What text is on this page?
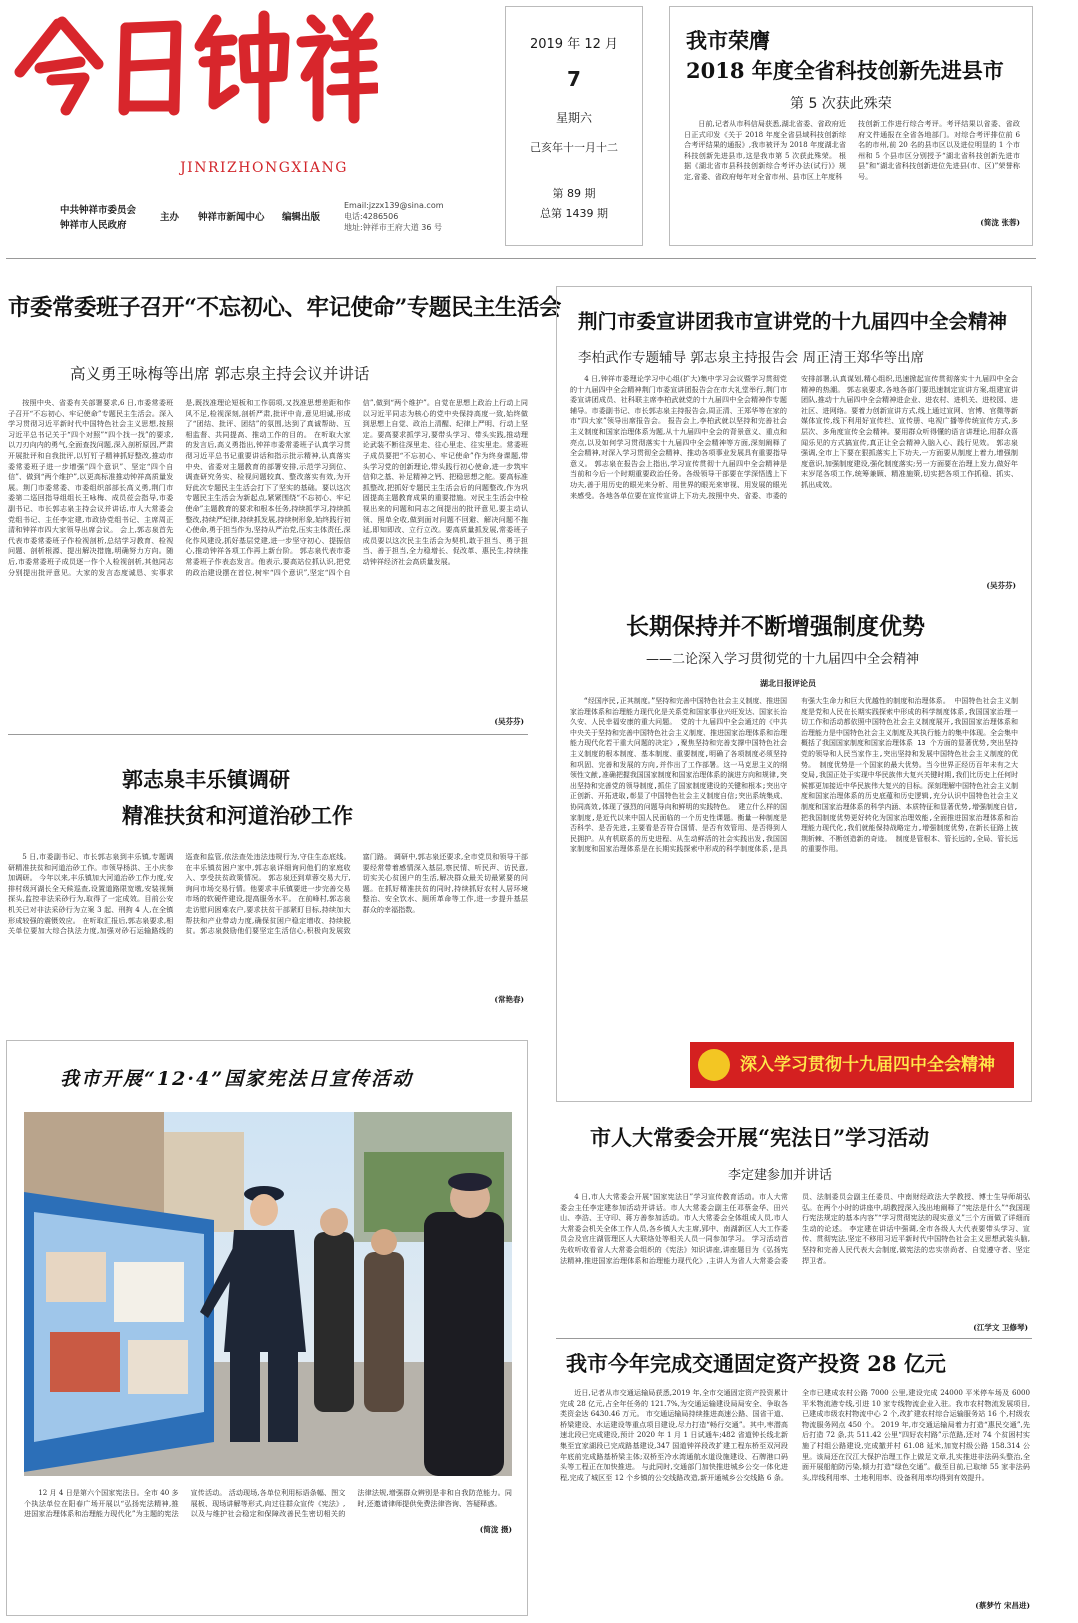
JINRIZHONGXIANG
中共钟祥市委员会
钟祥市人民政府
主办 钟祥市新闻中心 编辑出版
Email:jzzx139@sina.com
电话:4286506
地址:钟祥市王府大道 36 号
2019 年 12 月
7
星期六
己亥年十一月十二
第 89 期
总第 1439 期
我市荣膺
2018 年度全省科技创新先进县市
第 5 次获此殊荣
日前,记者从市科信局获悉,湖北省委、省政府近日正式印发《关于 2018 年度全省县域科技创新综合考评结果的通报》,我市被评为 2018 年度湖北省科技创新先进县市,这是我市第 5 次获此殊荣。 根据《湖北省市县科技创新综合考评办法(试行)》规定,省委、省政府每年对全省市州、县市区上年度科
技创新工作进行综合考评。考评结果以省委、省政府文件通报在全省各地部门。对综合考评排位前 6 名的市州,前 20 名的县市区以及进位明显的 1 个市州和 5 个县市区分别授予“湖北省科技创新先进市县”和“湖北省科技创新进位先进县(市、区)”荣誉称号。
(简泷 张蓉)
市委常委班子召开“不忘初心、牢记使命”专题民主生活会
高义勇王咏梅等出席 郭志泉主持会议并讲话

按照中央、省委有关部署要求,6 日,市委常委班子召开“不忘初心、牢记使命”专题民主生活会。深入学习贯彻习近平新时代中国特色社会主义思想,按照习近平总书记关于“四个对照”“四个找一找”的要求,以刀刃向内的勇气,全面查找问题,深入剖析原因,严肃开展批评和自我批评,以钉钉子精神抓好整改,推动市委常委班子进一步增强“四个意识”、坚定“四个自信”、做到“两个维护”,以更高标准推动钟祥高质量发展。荆门市委常委、市委组织部部长高义勇,荆门市委第二巡回指导组组长王咏梅、成员莅会指导,市委副书记、市长郭志泉主持会议并讲话,市人大常委会党组书记、主任李定建,市政协党组书记、主席周正清和钟祥市四大家领导出席会议。 会上,郭志泉首先代表市委常委班子作检视剖析,总结学习教育、检视问题、剖析根源、提出解决措施,明确努力方向。随后,市委常委班子成员逐一作个人检视剖析,其他同志分别提出批评意见。大家的发言态度诚恳、实事求是,既找准理论短板和工作弱项,又找准思想差距和作风不足,检视深刻,剖析严肃,批评中肯,意见坦诚,形成了“团结、批评、团结”的氛围,达到了真诚帮助、互相监督、共同提高、推动工作的目的。 在听取大家的发言后,高义勇指出,钟祥市委常委班子认真学习贯彻习近平总书记重要讲话和指示批示精神,认真落实中央、省委对主题教育的部署安排,示范学习到位、调查研究务实、检视问题较真、整改落实有效,为开好此次专题民主生活会打下了坚实的基础。要以这次专题民主生活会为新起点,紧紧围绕“不忘初心、牢记使命”主题教育的要求和根本任务,持续抓学习,持续抓整改,持续严纪律,持续抓发展,持续树形象,始终践行初心使命,勇于担当作为,坚持从严治党,压实主体责任,深化作风建设,抓好基层党建,进一步坚守初心、提振信心,推动钟祥各项工作再上新台阶。 郭志泉代表市委常委班子作表态发言。他表示,要高站位抓认识,把党的政治建设摆在首位,树牢“四个意识”,坚定“四个自信”,做到“两个维护”。自觉在思想上政治上行动上同以习近平同志为核心的党中央保持高度一致,始终做到思想上自觉、政治上清醒、纪律上严明、行动上坚定。要高要求抓学习,要带头学习、带头实践,推动理论武装不断往深里走、往心里走、往实里走。常委班子成员要把“不忘初心、牢记使命”作为终身课题,带头学习党的创新理论,带头践行初心使命,进一步筑牢信仰之基、补足精神之钙、把稳思想之舵。要高标准抓整改,把抓好专题民主生活会后的问题整改,作为巩固提高主题教育成果的重要措施。对民主生活会中检视出来的问题和同志之间提出的批评意见,要主动认领、照单全收,做到面对问题不回避、解决问题不拖延,即知即改、立行立改。要高质量抓发展,常委班子成员要以这次民主生活会为契机,敢于担当、勇于担当、善于担当,全力稳增长、促改革、惠民生,持续推动钟祥经济社会高质量发展。

(吴芬芬)
郭志泉丰乐镇调研
精准扶贫和河道治砂工作

5 日,市委副书记、市长郭志泉到丰乐镇,专题调研精准扶贫和河道治砂工作。市领导杨洪、王小庆参加调研。 今年以来,丰乐镇加大河道治砂工作力度,安排村级河湖长全天候巡查,设置道路限宽墩,安装视频探头,监控非法采砂行为,取得了一定成效。目前公安机关已对非法采砂行为立案 3 起、刑拘 4 人,在全镇形成较强的震慑效应。 在听取汇报后,郭志泉要求,相关单位要加大综合执法力度,加强对砂石运输路线的巡查和监管,依法查处违法违规行为,守住生态底线。 在丰乐镇贫困户家中,郭志泉详细询问他们的家庭收入、享受扶贫政策情况。 郭志泉还到草蓉交易大厅,询问市场交易行情。他要求丰乐镇要进一步完善交易市场的软硬件建设,提高服务水平。 在前峰村,郭志泉走访慰问困难农户,要求扶贫干部紧盯目标,持续加大帮扶和产业带动力度,确保贫困户稳定增收、持续脱贫。郭志泉鼓励他们要坚定生活信心,积极向发展致富门路。 调研中,郭志泉还要求,全市党员和领导干部要经常带着感情深入基层,察民情、听民声、访民意,切实关心贫困户的生活,解决群众最关切最紧要的问题。在抓好精准扶贫的同时,持续抓好农村人居环境整治、安全饮水、厕所革命等工作,进一步提升基层群众的幸福指数。

(常艳春)
我市开展“12·4”国家宪法日宣传活动

12 月 4 日是第六个国家宪法日。全市 40 多个执法单位在阳春广场开展以“弘扬宪法精神,推进国家治理体系和治理能力现代化”为主题的宪法宣传活动。 活动现场,各单位利用标语条幅、图文展板、现场讲解等形式,向过往群众宣传《宪法》,以及与维护社会稳定和保障改善民生密切相关的法律法规,增强群众辨别是非和自我防范能力。同时,还邀请律师提供免费法律咨询、答疑释惑。

(简泷 摄)
荆门市委宣讲团我市宣讲党的十九届四中全会精神
李柏武作专题辅导 郭志泉主持报告会 周正清王郑华等出席

4 日,钟祥市委理论学习中心组(扩大)集中学习会议暨学习贯彻党的十九届四中全会精神荆门市委宣讲团报告会在市大礼堂举行,荆门市委宣讲团成员、社科联主席李柏武就党的十九届四中全会精神作专题辅导。市委副书记、市长郭志泉主持报告会,周正清、王郑华等在家的市“四大家”领导出席报告会。 报告会上,李柏武就以坚持和完善社会主义制度和国家治理体系为题,从十九届四中全会的背景意义、重点和亮点,以及如何学习贯彻落实十九届四中全会精神等方面,深刻阐释了全会精神,对深入学习贯彻全会精神、推动各项事业发展具有重要指导意义。 郭志泉在报告会上指出,学习宣传贯彻十九届四中全会精神是当前和今后一个时期重要政治任务。各级领导干部要在学深悟透上下功夫,善于用历史的眼光来分析、用世界的眼光来审视、用发展的眼光来感受。各地各单位要在宣传宣讲上下功夫,按照中央、省委、市委的安排部署,认真谋划,精心组织,迅速掀起宣传贯彻落实十九届四中全会精神的热潮。 郭志泉要求,各地各部门要迅速制定宣讲方案,组建宣讲团队,推动十九届四中全会精神进企业、进农村、进机关、进校园、进社区、进网络。要着力创新宣讲方式,线上通过宣网、官博、官微等新媒体宣传,线下利用好宣传栏、宣传册、电视广播等传统宣传方式,多层次、多角度宣传全会精神。要用群众听得懂的语言讲理论,用群众喜闻乐见的方式搞宣传,真正让全会精神入脑入心、践行见效。 郭志泉强调,全市上下要在狠抓落实上下功夫,一方面要从制度上着力,增强制度意识,加强制度建设,强化制度落实;另一方面要在治理上发力,做好年末岁尾各项工作,统筹兼顾、精准施策,切实把各项工作抓稳、抓实、抓出成效。

(吴芬芬)
长期保持并不断增强制度优势
——二论深入学习贯彻党的十九届四中全会精神
湖北日报评论员

“经国序民,正其制度。”坚持和完善中国特色社会主义制度、推进国家治理体系和治理能力现代化是关系党和国家事业兴旺发达、国家长治久安、人民幸福安康的重大问题。 党的十九届四中全会通过的《中共中央关于坚持和完善中国特色社会主义制度、推进国家治理体系和治理能力现代化若干重大问题的决定》,聚焦坚持和完善支撑中国特色社会主义制度的根本制度、基本制度、重要制度,明确了各项制度必须坚持和巩固、完善和发展的方向,并作出了工作部署。这一马克思主义的纲领性文献,准确把握我国国家制度和国家治理体系的演进方向和规律,突出坚持和完善党的领导制度,抓住了国家制度建设的关键和根本;突出守正创新、开拓进取,彰显了中国特色社会主义制度自信;突出系统集成、协同高效,体现了强烈的问题导向和鲜明的实践特色。 建立什么样的国家制度,是近代以来中国人民面临的一个历史性课题。衡量一种制度是否科学、是否先进,主要看是否符合国情、是否有效管用、是否得到人民拥护。从有机联系的历史进程、从生动鲜活的社会实践出发,我国国家制度和国家治理体系是在长期实践探索中形成的科学制度体系,是具有强大生命力和巨大优越性的制度和治理体系。 中国特色社会主义制度是党和人民在长期实践探索中形成的科学制度体系,我国国家治理一切工作和活动都依照中国特色社会主义制度展开,我国国家治理体系和治理能力是中国特色社会主义制度及其执行能力的集中体现。全会集中概括了我国国家制度和国家治理体系 13 个方面的显著优势,突出坚持党的领导和人民当家作主,突出坚持和发展中国特色社会主义制度的优势。 制度优势是一个国家的最大优势。当今世界正经历百年未有之大变局,我国正处于实现中华民族伟大复兴关键时期,我们比历史上任何时候都更加接近中华民族伟大复兴的目标。深刻理解中国特色社会主义制度和国家治理体系的历史底蕴和历史逻辑,充分认识中国特色社会主义制度和国家治理体系的科学内涵、本质特征和显著优势,增强制度自信,把我国制度优势更好转化为国家治理效能,全面推进国家治理体系和治理能力现代化,我们就能保持战略定力,增强制度优势,在新长征路上披荆斩棘、不断创造新的奇迹。 制度是管根本、管长远的,全局、管长远的重要作用。

深入学习贯彻十九届四中全会精神
市人大常委会开展“宪法日”学习活动
李定建参加并讲话

4 日,市人大常委会开展“国家宪法日”学习宣传教育活动。市人大常委会主任李定建参加活动并讲话。市人大常委会副主任邓蔡金华、田兴山、李浩、王守印、蒋方善参加活动。市人大常委会全体组成人员,市人大常委会机关全体工作人员,各乡镇人大主席,郢中、南湖新区人大工作委员会及官庄湖管理区人大联络处等相关人员一同参加学习。 学习活动首先收听收看省人大常委会组织的《宪法》知识讲座,讲座题目为《弘扬宪法精神,推进国家治理体系和治理能力现代化》,主讲人为省人大常委会委员、法制委员会副主任委员、中南财经政法大学教授、博士生导师胡弘弘。在两个小时的讲座中,胡教授深入浅出地阐释了“宪法是什么”“我国现行宪法规定的基本内容”“学习贯彻宪法的现实意义”三个方面做了详细而生动的论述。 李定建在讲话中强调,全市各级人大代表要带头学习、宣传、贯彻宪法,坚定不移用习近平新时代中国特色社会主义思想武装头脑,坚持和完善人民代表大会制度,做宪法的忠实崇尚者、自觉遵守者、坚定捍卫者。

(江学文 卫修琴)
我市今年完成交通固定资产投资 28 亿元

近日,记者从市交通运输局获悉,2019 年,全市交通固定资产投资累计完成 28 亿元,占全年任务的 121.7%,为交通运输建设局局安全、争取各类资金达 6430.46 万元。 市交通运输局持续推进高速公路、国省干道、桥梁建设、水运建设等重点项目建设,尽力打造“畅行交通”。其中,枣潜高速北段已完成建设,预计 2020 年 1 月 1 日试通车;482 省道钟长线北新集至宜家湖段已完成路基建设,347 国道钟祥段改扩建工程东桥至双河段年底前完成路基桥梁主体;双桥至冷水湾通航水道设施建设、石牌港口码头等工程正在加快推进。 与此同时,交通部门加快推进城乡公交一体化进程,完成了城区至 12 个乡镇的公交线路改造,新开通城乡公交线路 6 条。全市已建成农村公路 7000 公里,建设完成 24000 平米停车场及 6000 平米物流港专线,引进 10 家专线物流企业入驻。我市农村物流发展项目,已建成市级农村物流中心 2 个,改扩建农村综合运输服务站 16 个,村级农物流服务网点 450 个。 2019 年,市交通运输局着力打造“惠民交通”,先后打造 72 条,共 511.42 公里“四好农村路”示范路,还对 74 个贫困村实施了村组公路建设,完成撤并村 61.08 延米,加宽村级公路 158.314 公里。该局还在汉江大保护治理工作上做足文章,扎实推进非法码头整治,全面开展船舶防污染,倾力打造“绿色交通”。截至目前,已取缔 55 家非法码头,岸线利用率、土地利用率、设备利用率均得到有效提升。

(蔡梦竹 宋昌进)
